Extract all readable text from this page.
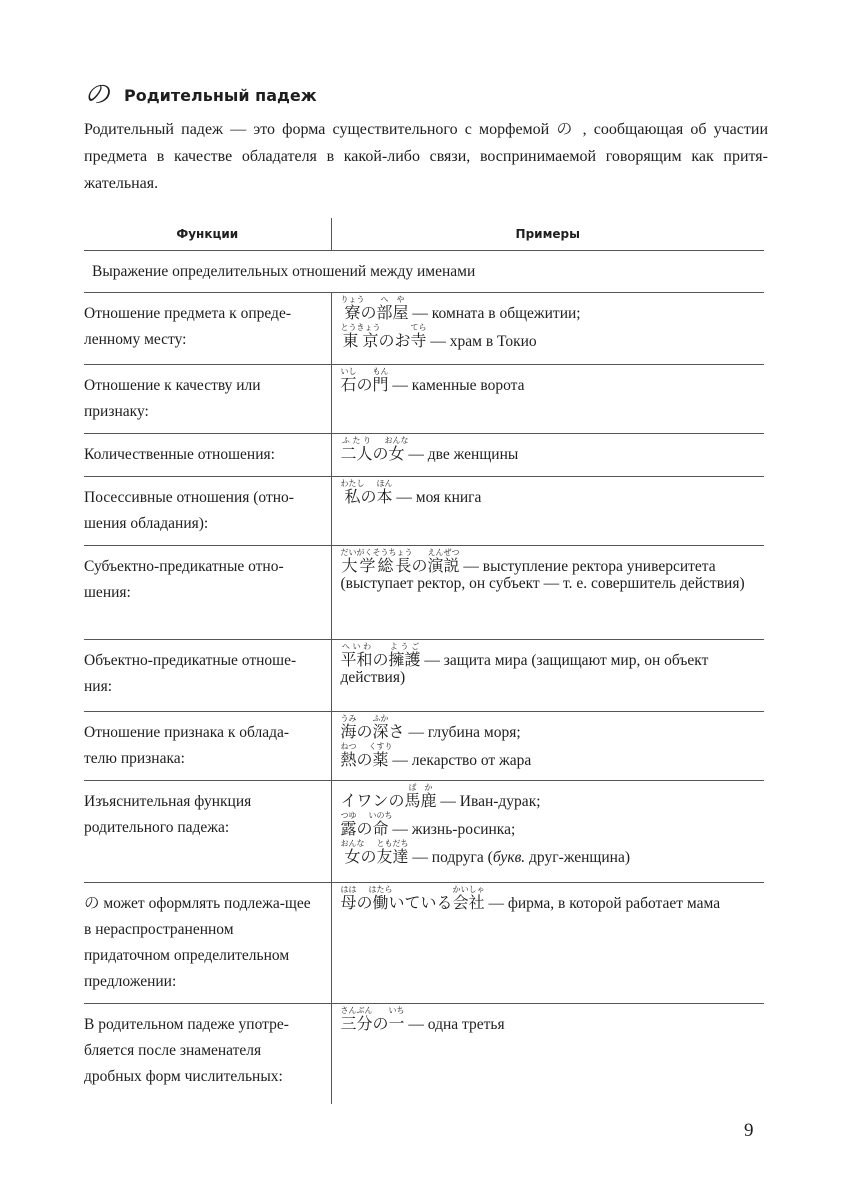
の Родительный падеж

Родительный падеж — это форма существительного с морфемой の , сообщающая об участии
предмета в качестве обладателя в какой-либо связи, воспринимаемой говорящим как притя-
жательная.

Функции	Примеры
Выражение определительных отношений между именами	
Отношение предмета к опреде-ленному месту:	寮りょうの部屋へや — комната в общежитии;
東京とうきょうのお寺てら — храм в Токио

Отношение к качеству или признаку:	石いしの門もん — каменные ворота

Количественные отношения:	二人ふたりの女おんな — две женщины

Посессивные отношения (отно-шения обладания):	私わたしの本ほん — моя книга

Субъектно-предикатные отно-шения:	大学総長だいがくそうちょうの演説えんぜつ — выступление ректора университета (выступает ректор, он субъект — т. е. совершитель действия)

Объектно-предикатные отноше-ния:	平和へいわの擁護ようご — защита мира (защищают мир, он объект действия)

Отношение признака к облада-телю признака:	海うみの深ふかさ — глубина моря;
熱ねつの薬くすり — лекарство от жара

Изъяснительная функция родительного падежа:	イワンの馬鹿ばか — Иван-дурак;
露つゆの命いのち — жизнь-росинка;
女おんなの友達ともだち — подруга (букв. друг-женщина)

の может оформлять подлежа-щее в нераспространенном придаточном определительном предложении:	母ははの働はたらいている会社かいしゃ — фирма, в которой работает мама

В родительном падеже употре-бляется после знаменателя дробных форм числительных:	三分さんぶんの一いち — одна третья
9
